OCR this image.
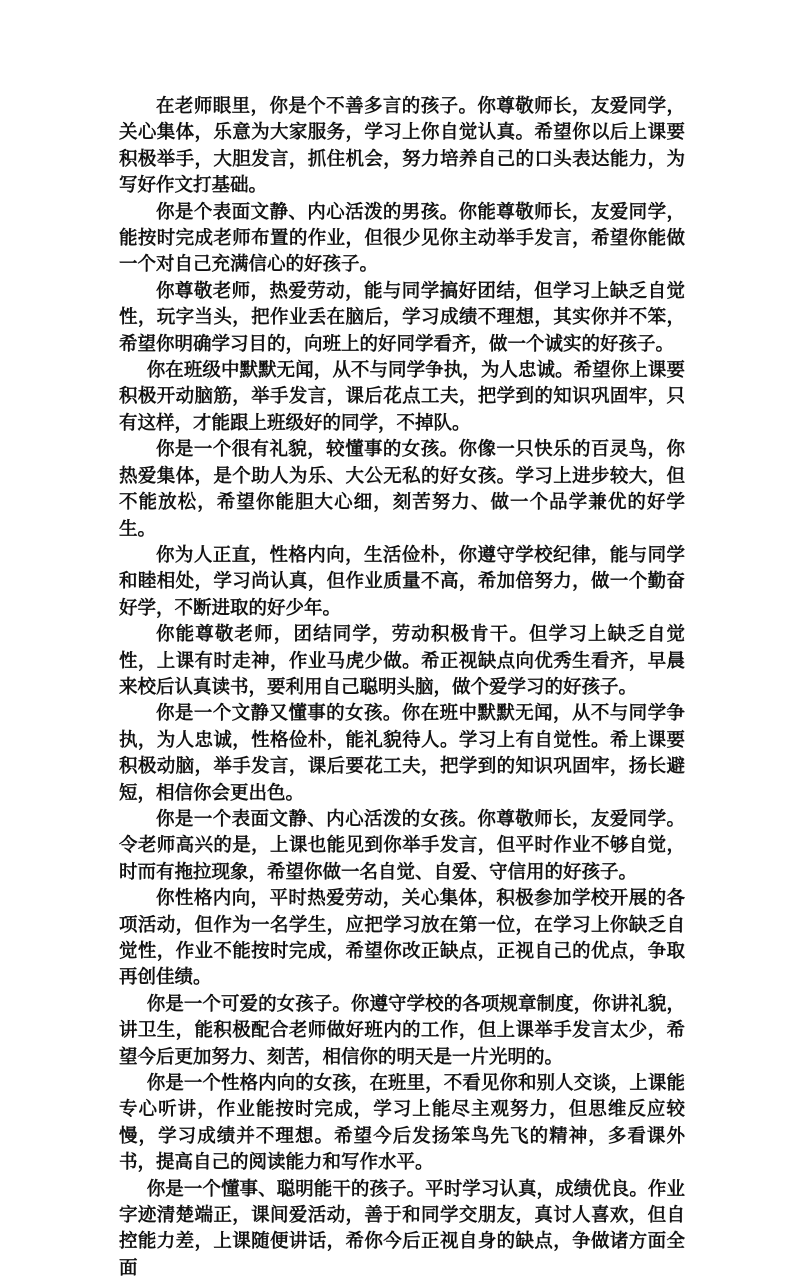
在老师眼里，你是个不善多言的孩子。你尊敬师长，友爱同学，关心集体，乐意为大家服务，学习上你自觉认真。希望你以后上课要积极举手，大胆发言，抓住机会，努力培养自己的口头表达能力，为写好作文打基础。

你是个表面文静、内心活泼的男孩。你能尊敬师长，友爱同学，能按时完成老师布置的作业，但很少见你主动举手发言，希望你能做一个对自己充满信心的好孩子。

你尊敬老师，热爱劳动，能与同学搞好团结，但学习上缺乏自觉性，玩字当头，把作业丢在脑后，学习成绩不理想，其实你并不笨，希望你明确学习目的，向班上的好同学看齐，做一个诚实的好孩子。

你在班级中默默无闻，从不与同学争执，为人忠诚。希望你上课要积极开动脑筋，举手发言，课后花点工夫，把学到的知识巩固牢，只有这样，才能跟上班级好的同学，不掉队。

你是一个很有礼貌，较懂事的女孩。你像一只快乐的百灵鸟，你热爱集体，是个助人为乐、大公无私的好女孩。学习上进步较大，但不能放松，希望你能胆大心细，刻苦努力、做一个品学兼优的好学生。

你为人正直，性格内向，生活俭朴，你遵守学校纪律，能与同学和睦相处，学习尚认真，但作业质量不高，希加倍努力，做一个勤奋好学，不断进取的好少年。

你能尊敬老师，团结同学，劳动积极肯干。但学习上缺乏自觉性，上课有时走神，作业马虎少做。希正视缺点向优秀生看齐，早晨来校后认真读书，要利用自己聪明头脑，做个爱学习的好孩子。

你是一个文静又懂事的女孩。你在班中默默无闻，从不与同学争执，为人忠诚，性格俭朴，能礼貌待人。学习上有自觉性。希上课要积极动脑，举手发言，课后要花工夫，把学到的知识巩固牢，扬长避短，相信你会更出色。

你是一个表面文静、内心活泼的女孩。你尊敬师长，友爱同学。令老师高兴的是，上课也能见到你举手发言，但平时作业不够自觉，时而有拖拉现象，希望你做一名自觉、自爱、守信用的好孩子。

你性格内向，平时热爱劳动，关心集体，积极参加学校开展的各项活动，但作为一名学生，应把学习放在第一位，在学习上你缺乏自觉性，作业不能按时完成，希望你改正缺点，正视自己的优点，争取再创佳绩。

你是一个可爱的女孩子。你遵守学校的各项规章制度，你讲礼貌，讲卫生，能积极配合老师做好班内的工作，但上课举手发言太少，希望今后更加努力、刻苦，相信你的明天是一片光明的。

你是一个性格内向的女孩，在班里，不看见你和别人交谈，上课能专心听讲，作业能按时完成，学习上能尽主观努力，但思维反应较慢，学习成绩并不理想。希望今后发扬笨鸟先飞的精神，多看课外书，提高自己的阅读能力和写作水平。

你是一个懂事、聪明能干的孩子。平时学习认真，成绩优良。作业字迹清楚端正，课间爱活动，善于和同学交朋友，真讨人喜欢，但自控能力差，上课随便讲话，希你今后正视自身的缺点，争做诸方面全面
